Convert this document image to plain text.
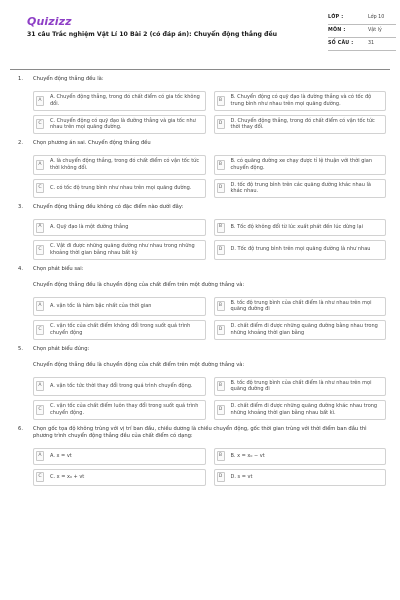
Quizizz
31 câu Trắc nghiệm Vật Lí 10 Bài 2 (có đáp án): Chuyển động thẳng đều
LỚP :	Lớp 10
MÔN :	Vật lý
SỐ CÂU :	31
1.	Chuyển động thẳng đều là:
A
A. Chuyển động thẳng, trong đó chất điểm có gia tốc không đổi.
B
B. Chuyển động có quỹ đạo là đường thẳng và có tốc độ trung bình như nhau trên mọi quãng đường.
C
C. Chuyển động có quỹ đạo là đường thẳng và gia tốc như nhau trên mọi quãng đường.
D
D. Chuyển động thẳng, trong đó chất điểm có vận tốc tức thời thay đổi.
2.	Chọn phương án sai. Chuyển động thẳng đều
A
A. là chuyển động thẳng, trong đó chất điểm có vận tốc tức thời không đổi.
B
B. có quãng đường xe chạy được tỉ lệ thuận với thời gian chuyển động.
C	C. có tốc độ trung bình như nhau trên mọi quãng đường.	D
D. tốc độ trung bình trên các quãng đường khác nhau là khác nhau.
3.	Chuyển động thẳng đều không có đặc điểm nào dưới đây:
A	A. Quỹ đạo là một đường thẳng	B	B. Tốc độ không đổi từ lúc xuất phát đến lúc dừng lại
C
C. Vật đi được những quãng đường như nhau trong những khoảng thời gian bằng nhau bất kỳ
D	D. Tốc độ trung bình trên mọi quãng đường là như nhau
4.	Chọn phát biểu sai:
Chuyển động thẳng đều là chuyển động của chất điểm trên một đường thẳng và:
A	A. vận tốc là hàm bậc nhất của thời gian	B
B. tốc độ trung bình của chất điểm là như nhau trên mọi quãng đường đi
C
C. vận tốc của chất điểm không đổi trong suốt quá trình chuyển động
D
D. chất điểm đi được những quãng đường bằng nhau trong những khoảng thời gian bằng
5.	Chọn phát biểu đúng:
Chuyển động thẳng đều là chuyển động của chất điểm trên một đường thẳng và:
A	A. vận tốc tức thời thay đổi trong quá trình chuyển động.	B
B. tốc độ trung bình của chất điểm là như nhau trên mọi quãng đường đi
C
C. vận tốc của chất điểm luôn thay đổi trong suốt quá trình chuyển động.
D
D. chất điểm đi được những quãng đường khác nhau trong những khoảng thời gian bằng nhau bất kì.
6.	Chọn gốc tọa độ không trùng với vị trí ban đầu, chiều dương là chiều chuyển động, gốc thời gian trùng với thời điểm ban đầu thì phương trình chuyển động thẳng đều của chất điểm có dạng:
A	A. x = vt	B	B. x = x₀ − vt
C	C. x = x₀ + vt	D	D. s = vt
